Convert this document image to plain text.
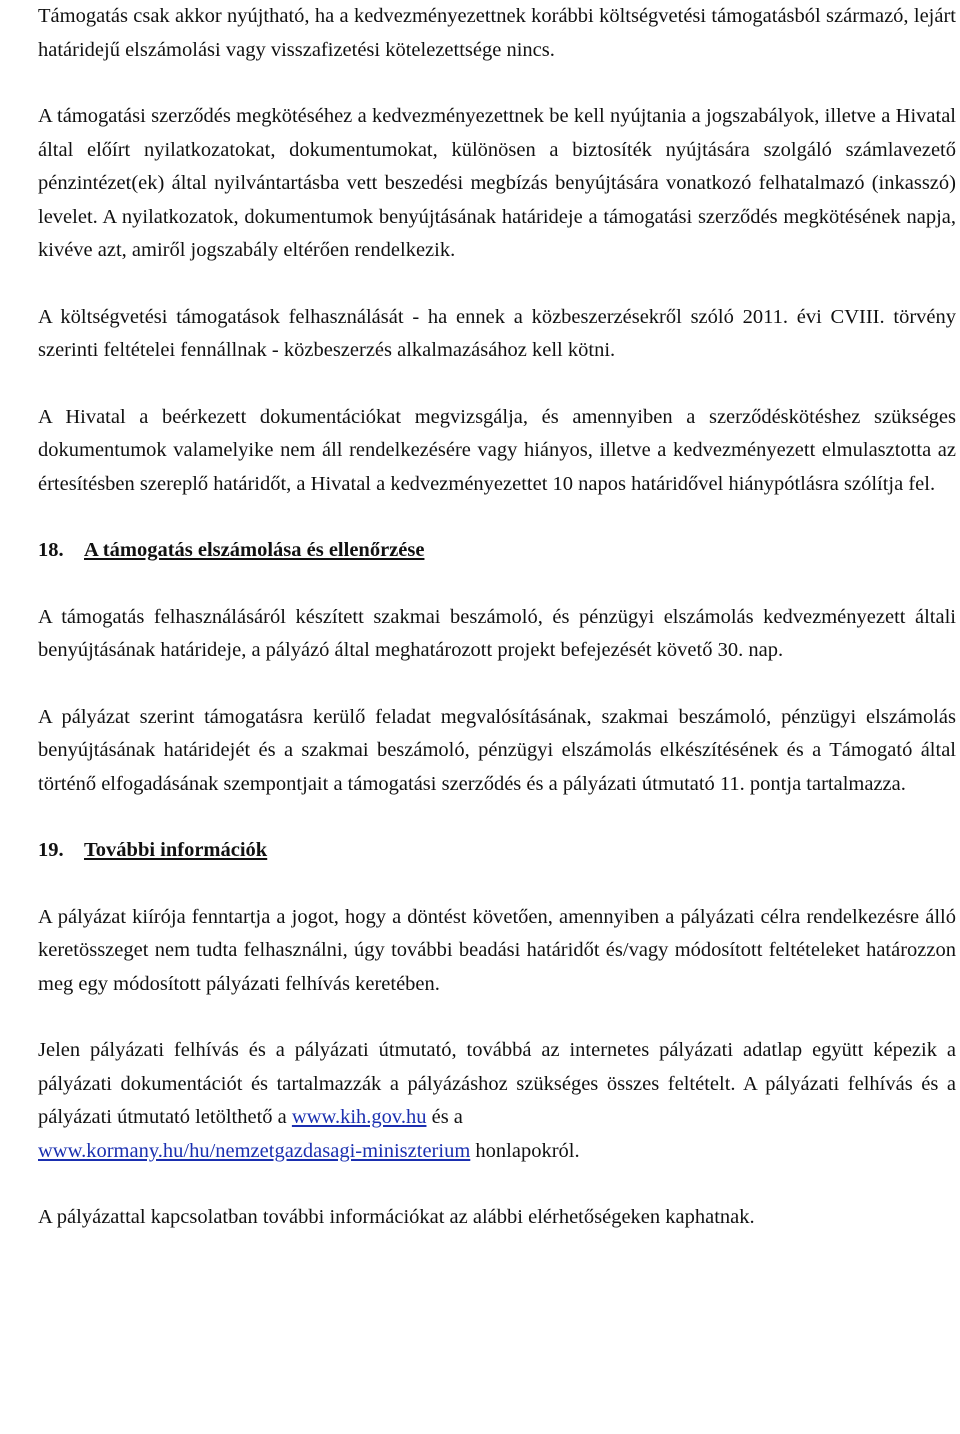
Támogatás csak akkor nyújtható, ha a kedvezményezettnek korábbi költségvetési támogatásból származó, lejárt határidejű elszámolási vagy visszafizetési kötelezettsége nincs.

A támogatási szerződés megkötéséhez a kedvezményezettnek be kell nyújtania a jogszabályok, illetve a Hivatal által előírt nyilatkozatokat, dokumentumokat, különösen a biztosíték nyújtására szolgáló számlavezető pénzintézet(ek) által nyilvántartásba vett beszedési megbízás benyújtására vonatkozó felhatalmazó (inkasszó) levelet. A nyilatkozatok, dokumentumok benyújtásának határideje a támogatási szerződés megkötésének napja, kivéve azt, amiről jogszabály eltérően rendelkezik.

A költségvetési támogatások felhasználását - ha ennek a közbeszerzésekről szóló 2011. évi CVIII. törvény szerinti feltételei fennállnak - közbeszerzés alkalmazásához kell kötni.

A Hivatal a beérkezett dokumentációkat megvizsgálja, és amennyiben a szerződéskötéshez szükséges dokumentumok valamelyike nem áll rendelkezésére vagy hiányos, illetve a kedvezményezett elmulasztotta az értesítésben szereplő határidőt, a Hivatal a kedvezményezettet 10 napos határidővel hiánypótlásra szólítja fel.

18. A támogatás elszámolása és ellenőrzése

A támogatás felhasználásáról készített szakmai beszámoló, és pénzügyi elszámolás kedvezményezett általi benyújtásának határideje, a pályázó által meghatározott projekt befejezését követő 30. nap.

A pályázat szerint támogatásra kerülő feladat megvalósításának, szakmai beszámoló, pénzügyi elszámolás benyújtásának határidejét és a szakmai beszámoló, pénzügyi elszámolás elkészítésének és a Támogató által történő elfogadásának szempontjait a támogatási szerződés és a pályázati útmutató 11. pontja tartalmazza.

19. További információk

A pályázat kiírója fenntartja a jogot, hogy a döntést követően, amennyiben a pályázati célra rendelkezésre álló keretösszeget nem tudta felhasználni, úgy további beadási határidőt és/vagy módosított feltételeket határozzon meg egy módosított pályázati felhívás keretében.

Jelen pályázati felhívás és a pályázati útmutató, továbbá az internetes pályázati adatlap együtt képezik a pályázati dokumentációt és tartalmazzák a pályázáshoz szükséges összes feltételt. A pályázati felhívás és a pályázati útmutató letölthető a www.kih.gov.hu és a
www.kormany.hu/hu/nemzetgazdasagi-miniszterium honlapokról.

A pályázattal kapcsolatban további információkat az alábbi elérhetőségeken kaphatnak.
